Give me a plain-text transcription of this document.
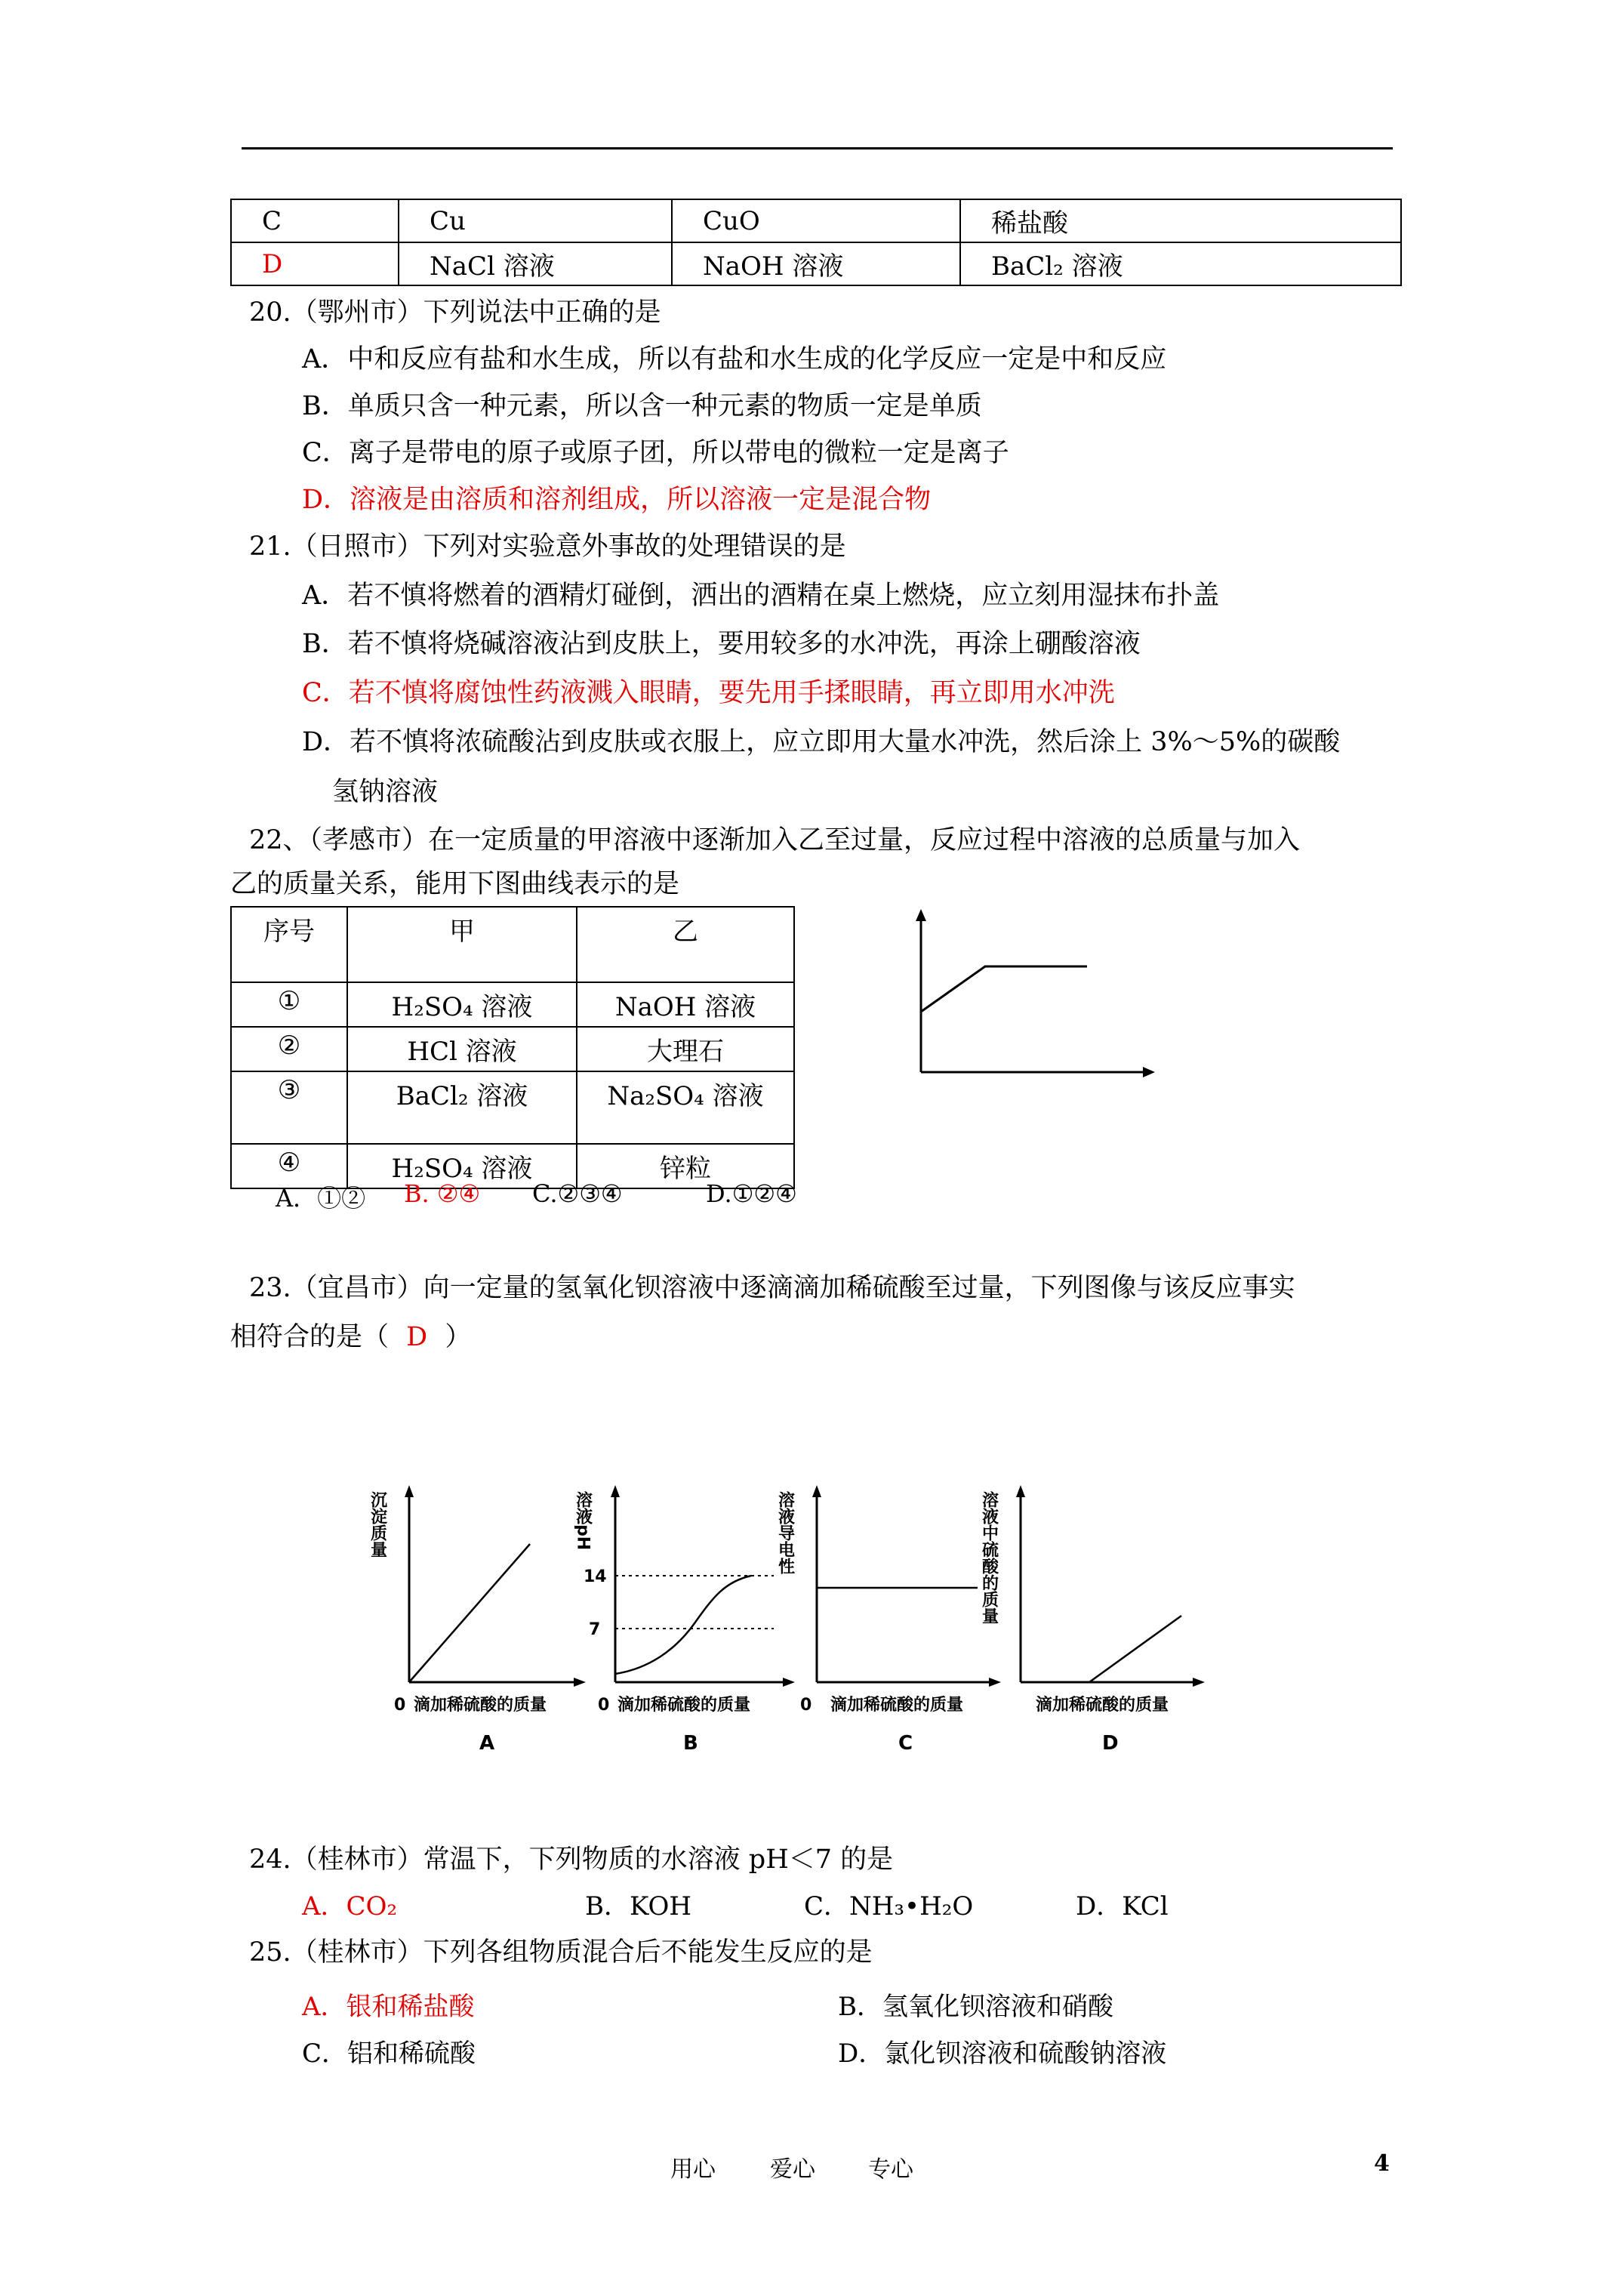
C	Cu	CuO	稀盐酸
D	NaCl 溶液	NaOH 溶液	BaCl₂ 溶液
20.（鄂州市）下列说法中正确的是
A．中和反应有盐和水生成，所以有盐和水生成的化学反应一定是中和反应
B．单质只含一种元素，所以含一种元素的物质一定是单质
C．离子是带电的原子或原子团，所以带电的微粒一定是离子
D．溶液是由溶质和溶剂组成，所以溶液一定是混合物
21.（日照市）下列对实验意外事故的处理错误的是
A．若不慎将燃着的酒精灯碰倒，洒出的酒精在桌上燃烧，应立刻用湿抹布扑盖
B．若不慎将烧碱溶液沾到皮肤上，要用较多的水冲洗，再涂上硼酸溶液
C．若不慎将腐蚀性药液溅入眼睛，要先用手揉眼睛，再立即用水冲洗
D．若不慎将浓硫酸沾到皮肤或衣服上，应立即用大量水冲洗，然后涂上 3%～5%的碳酸
氢钠溶液
22、（孝感市）在一定质量的甲溶液中逐渐加入乙至过量，反应过程中溶液的总质量与加入
乙的质量关系，能用下图曲线表示的是
序号	甲	乙
①	H₂SO₄ 溶液	NaOH 溶液
②	HCl 溶液	大理石
③	BaCl₂ 溶液	Na₂SO₄ 溶液
④	H₂SO₄ 溶液	锌粒
A．①② B. ②④ C.②③④	D.①②④
23.（宜昌市）向一定量的氢氧化钡溶液中逐滴滴加稀硫酸至过量，下列图像与该反应事实
相符合的是（ D ）
沉淀质量
0 滴加稀硫酸的质量
A
溶液pH
14
7
0 滴加稀硫酸的质量
B
溶液导电性
0 滴加稀硫酸的质量
C
溶液中硫酸的质量
滴加稀硫酸的质量
D
24.（桂林市）常温下，下列物质的水溶液 pH＜7 的是
A．CO₂	B．KOH	C．NH₃•H₂O	D．KCl
25.（桂林市）下列各组物质混合后不能发生反应的是
A．银和稀盐酸	B．氢氧化钡溶液和硝酸
C．铝和稀硫酸	D．氯化钡溶液和硫酸钠溶液
用心 爱心 专心	4
